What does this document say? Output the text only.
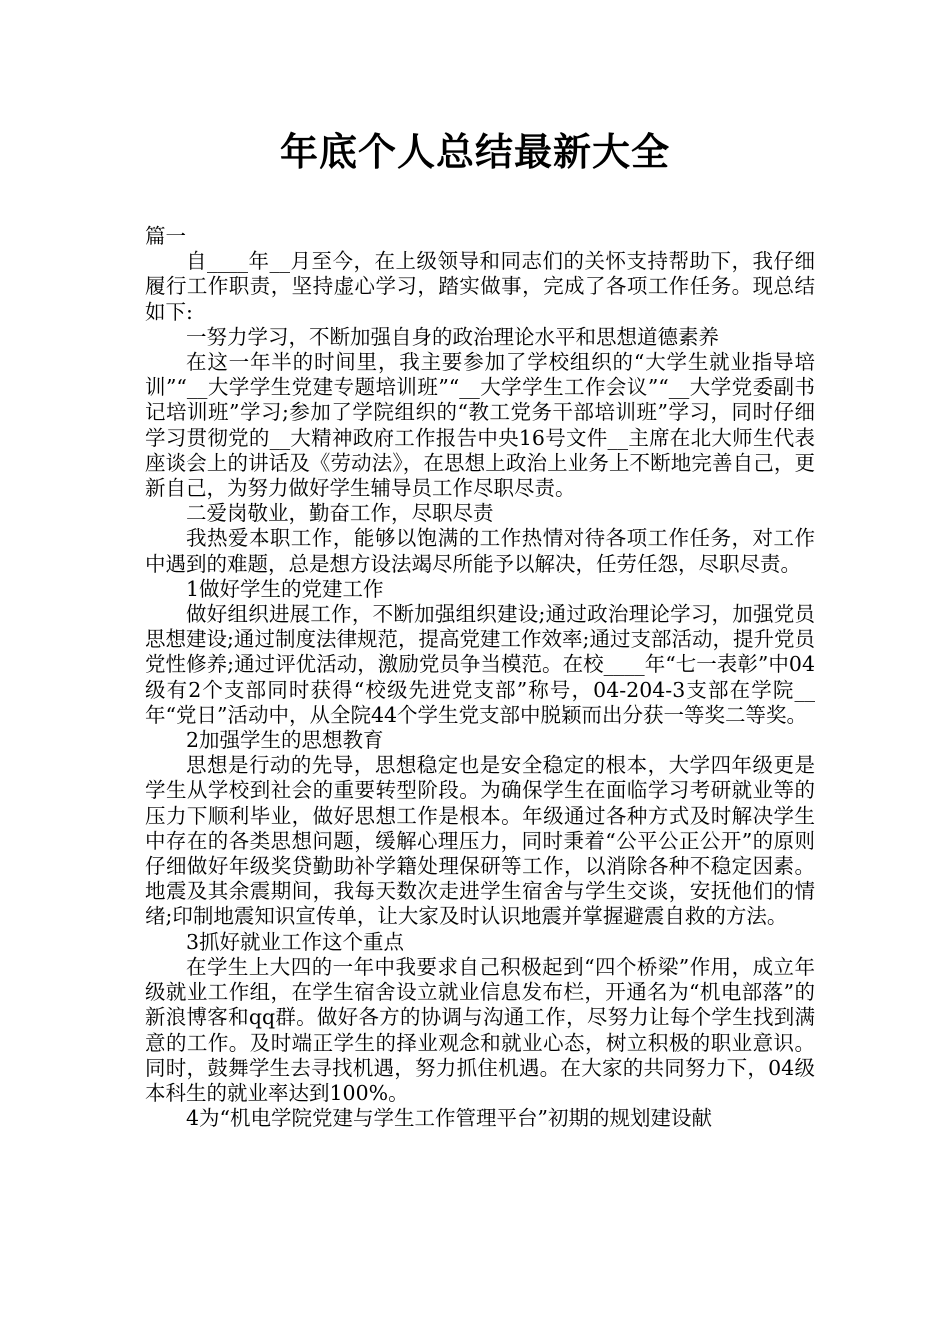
年底个人总结最新大全

篇一

自____年__月至今，在上级领导和同志们的关怀支持帮助下，我仔细履行工作职责，坚持虚心学习，踏实做事，完成了各项工作任务。现总结如下:

一努力学习，不断加强自身的政治理论水平和思想道德素养

在这一年半的时间里，我主要参加了学校组织的“大学生就业指导培训”“__大学学生党建专题培训班”“__大学学生工作会议”“__大学党委副书记培训班”学习;参加了学院组织的“教工党务干部培训班”学习，同时仔细学习贯彻党的__大精神政府工作报告中央16号文件__主席在北大师生代表座谈会上的讲话及《劳动法》，在思想上政治上业务上不断地完善自己，更新自己，为努力做好学生辅导员工作尽职尽责。

二爱岗敬业，勤奋工作，尽职尽责

我热爱本职工作，能够以饱满的工作热情对待各项工作任务，对工作中遇到的难题，总是想方设法竭尽所能予以解决，任劳任怨，尽职尽责。

1做好学生的党建工作

做好组织进展工作，不断加强组织建设;通过政治理论学习，加强党员思想建设;通过制度法律规范，提高党建工作效率;通过支部活动，提升党员党性修养;通过评优活动，激励党员争当模范。在校____年“七一表彰”中04级有2个支部同时获得“校级先进党支部”称号，04-204-3支部在学院__年“党日”活动中，从全院44个学生党支部中脱颖而出分获一等奖二等奖。

2加强学生的思想教育

思想是行动的先导，思想稳定也是安全稳定的根本，大学四年级更是学生从学校到社会的重要转型阶段。为确保学生在面临学习考研就业等的压力下顺利毕业，做好思想工作是根本。年级通过各种方式及时解决学生中存在的各类思想问题，缓解心理压力，同时秉着“公平公正公开”的原则仔细做好年级奖贷勤助补学籍处理保研等工作，以消除各种不稳定因素。地震及其余震期间，我每天数次走进学生宿舍与学生交谈，安抚他们的情绪;印制地震知识宣传单，让大家及时认识地震并掌握避震自救的方法。

3抓好就业工作这个重点

在学生上大四的一年中我要求自己积极起到“四个桥梁”作用，成立年级就业工作组，在学生宿舍设立就业信息发布栏，开通名为“机电部落”的新浪博客和qq群。做好各方的协调与沟通工作，尽努力让每个学生找到满意的工作。及时端正学生的择业观念和就业心态，树立积极的职业意识。同时，鼓舞学生去寻找机遇，努力抓住机遇。在大家的共同努力下，04级本科生的就业率达到100%。

4为“机电学院党建与学生工作管理平台”初期的规划建设献
